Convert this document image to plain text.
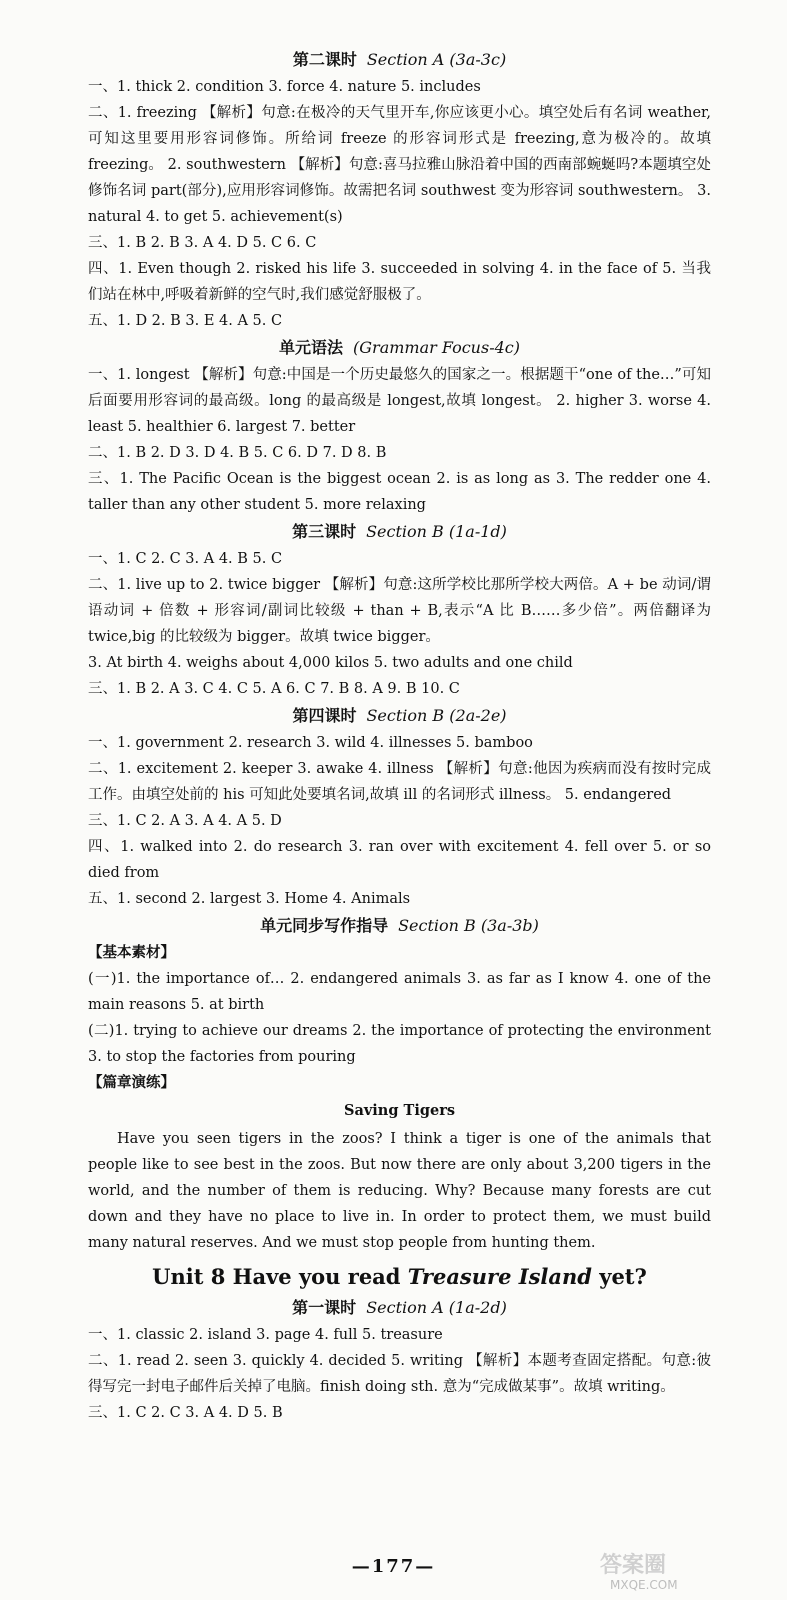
第二课时 Section A (3a-3c)
一、1. thick 2. condition 3. force 4. nature 5. includes
二、1. freezing 【解析】句意:在极冷的天气里开车,你应该更小心。填空处后有名词 weather,可知这里要用形容词修饰。所给词 freeze 的形容词形式是 freezing,意为极冷的。故填 freezing。 2. southwestern 【解析】句意:喜马拉雅山脉沿着中国的西南部蜿蜒吗?本题填空处修饰名词 part(部分),应用形容词修饰。故需把名词 southwest 变为形容词 southwestern。 3. natural 4. to get 5. achievement(s)
三、1. B 2. B 3. A 4. D 5. C 6. C
四、1. Even though 2. risked his life 3. succeeded in solving 4. in the face of 5. 当我们站在林中,呼吸着新鲜的空气时,我们感觉舒服极了。
五、1. D 2. B 3. E 4. A 5. C
单元语法 (Grammar Focus-4c)
一、1. longest 【解析】句意:中国是一个历史最悠久的国家之一。根据题干“one of the…”可知后面要用形容词的最高级。long 的最高级是 longest,故填 longest。 2. higher 3. worse 4. least 5. healthier 6. largest 7. better
二、1. B 2. D 3. D 4. B 5. C 6. D 7. D 8. B
三、1. The Pacific Ocean is the biggest ocean 2. is as long as 3. The redder one 4. taller than any other student 5. more relaxing
第三课时 Section B (1a-1d)
一、1. C 2. C 3. A 4. B 5. C
二、1. live up to 2. twice bigger 【解析】句意:这所学校比那所学校大两倍。A + be 动词/谓语动词 + 倍数 + 形容词/副词比较级 + than + B,表示“A 比 B……多少倍”。两倍翻译为 twice,big 的比较级为 bigger。故填 twice bigger。
3. At birth 4. weighs about 4,000 kilos 5. two adults and one child
三、1. B 2. A 3. C 4. C 5. A 6. C 7. B 8. A 9. B 10. C
第四课时 Section B (2a-2e)
一、1. government 2. research 3. wild 4. illnesses 5. bamboo
二、1. excitement 2. keeper 3. awake 4. illness 【解析】句意:他因为疾病而没有按时完成工作。由填空处前的 his 可知此处要填名词,故填 ill 的名词形式 illness。 5. endangered
三、1. C 2. A 3. A 4. A 5. D
四、1. walked into 2. do research 3. ran over with excitement 4. fell over 5. or so died from
五、1. second 2. largest 3. Home 4. Animals
单元同步写作指导 Section B (3a-3b)
【基本素材】
(一)1. the importance of… 2. endangered animals 3. as far as I know 4. one of the main reasons 5. at birth
(二)1. trying to achieve our dreams 2. the importance of protecting the environment 3. to stop the factories from pouring
【篇章演练】
Saving Tigers
Have you seen tigers in the zoos? I think a tiger is one of the animals that people like to see best in the zoos. But now there are only about 3,200 tigers in the world, and the number of them is reducing. Why? Because many forests are cut down and they have no place to live in. In order to protect them, we must build many natural reserves. And we must stop people from hunting them.
Unit 8 Have you read Treasure Island yet?
第一课时 Section A (1a-2d)
一、1. classic 2. island 3. page 4. full 5. treasure
二、1. read 2. seen 3. quickly 4. decided 5. writing 【解析】本题考查固定搭配。句意:彼得写完一封电子邮件后关掉了电脑。finish doing sth. 意为“完成做某事”。故填 writing。
三、1. C 2. C 3. A 4. D 5. B
—177—	答案圈
MXQE.COM
